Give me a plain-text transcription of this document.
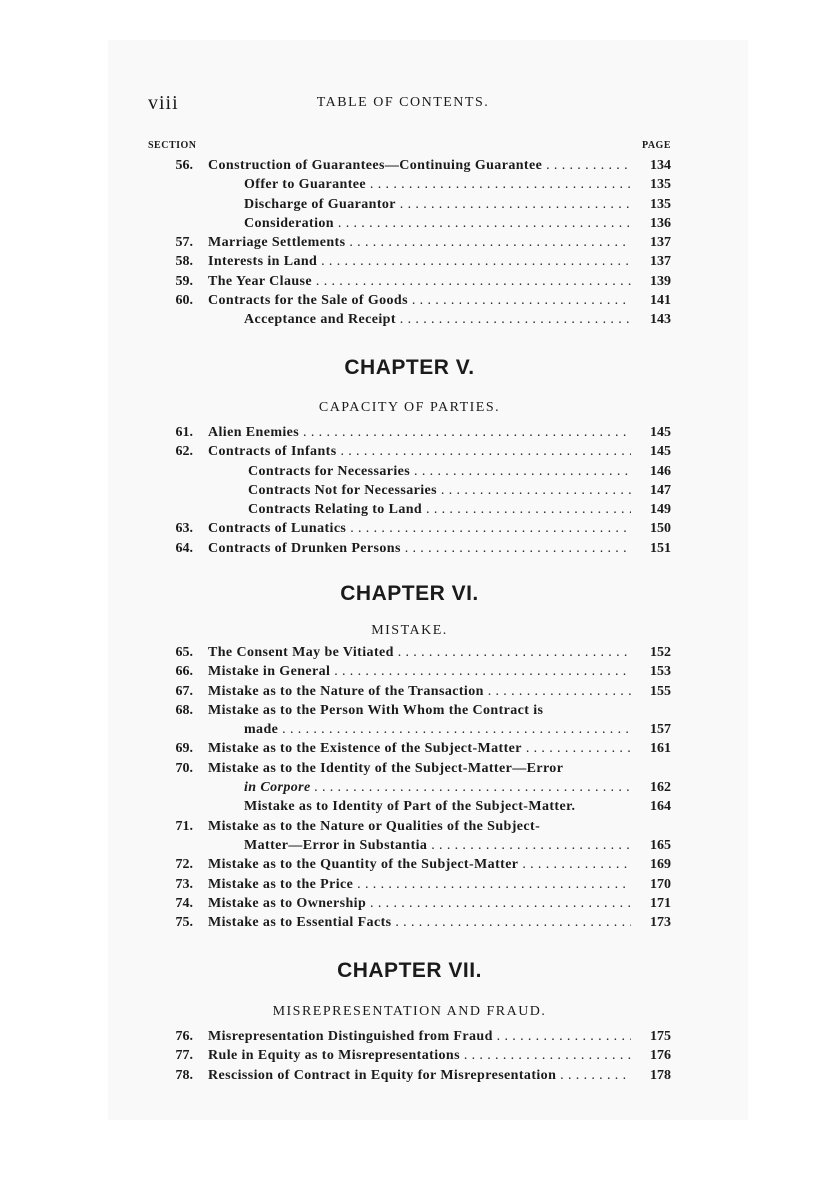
viii	TABLE OF CONTENTS.
SECTION	PAGE
56. Construction of Guarantees—Continuing Guarantee . . .	134
Offer to Guarantee . . .	135
Discharge of Guarantor . . .	135
Consideration . . .	136
57. Marriage Settlements . . .	137
58. Interests in Land . . .	137
59. The Year Clause . . .	139
60. Contracts for the Sale of Goods . . .	141
Acceptance and Receipt . . .	143
CHAPTER V.
CAPACITY OF PARTIES.
61. Alien Enemies . . .	145
62. Contracts of Infants . . .	145
Contracts for Necessaries . . .	146
Contracts Not for Necessaries . . .	147
Contracts Relating to Land . . .	149
63. Contracts of Lunatics . . .	150
64. Contracts of Drunken Persons . . .	151
CHAPTER VI.
MISTAKE.
65. The Consent May be Vitiated . . .	152
66. Mistake in General . . .	153
67. Mistake as to the Nature of the Transaction . . .	155
68. Mistake as to the Person With Whom the Contract is
made . . .	157
69. Mistake as to the Existence of the Subject-Matter . . .	161
70. Mistake as to the Identity of the Subject-Matter—Error
in Corpore . . .	162
Mistake as to Identity of Part of the Subject-Matter.	164
71. Mistake as to the Nature or Qualities of the Subject-
Matter—Error in Substantia . . .	165
72. Mistake as to the Quantity of the Subject-Matter . . .	169
73. Mistake as to the Price . . .	170
74. Mistake as to Ownership . . .	171
75. Mistake as to Essential Facts . . .	173
CHAPTER VII.
MISREPRESENTATION AND FRAUD.
76. Misrepresentation Distinguished from Fraud . . .	175
77. Rule in Equity as to Misrepresentations . . .	176
78. Rescission of Contract in Equity for Misrepresentation . . .	178
